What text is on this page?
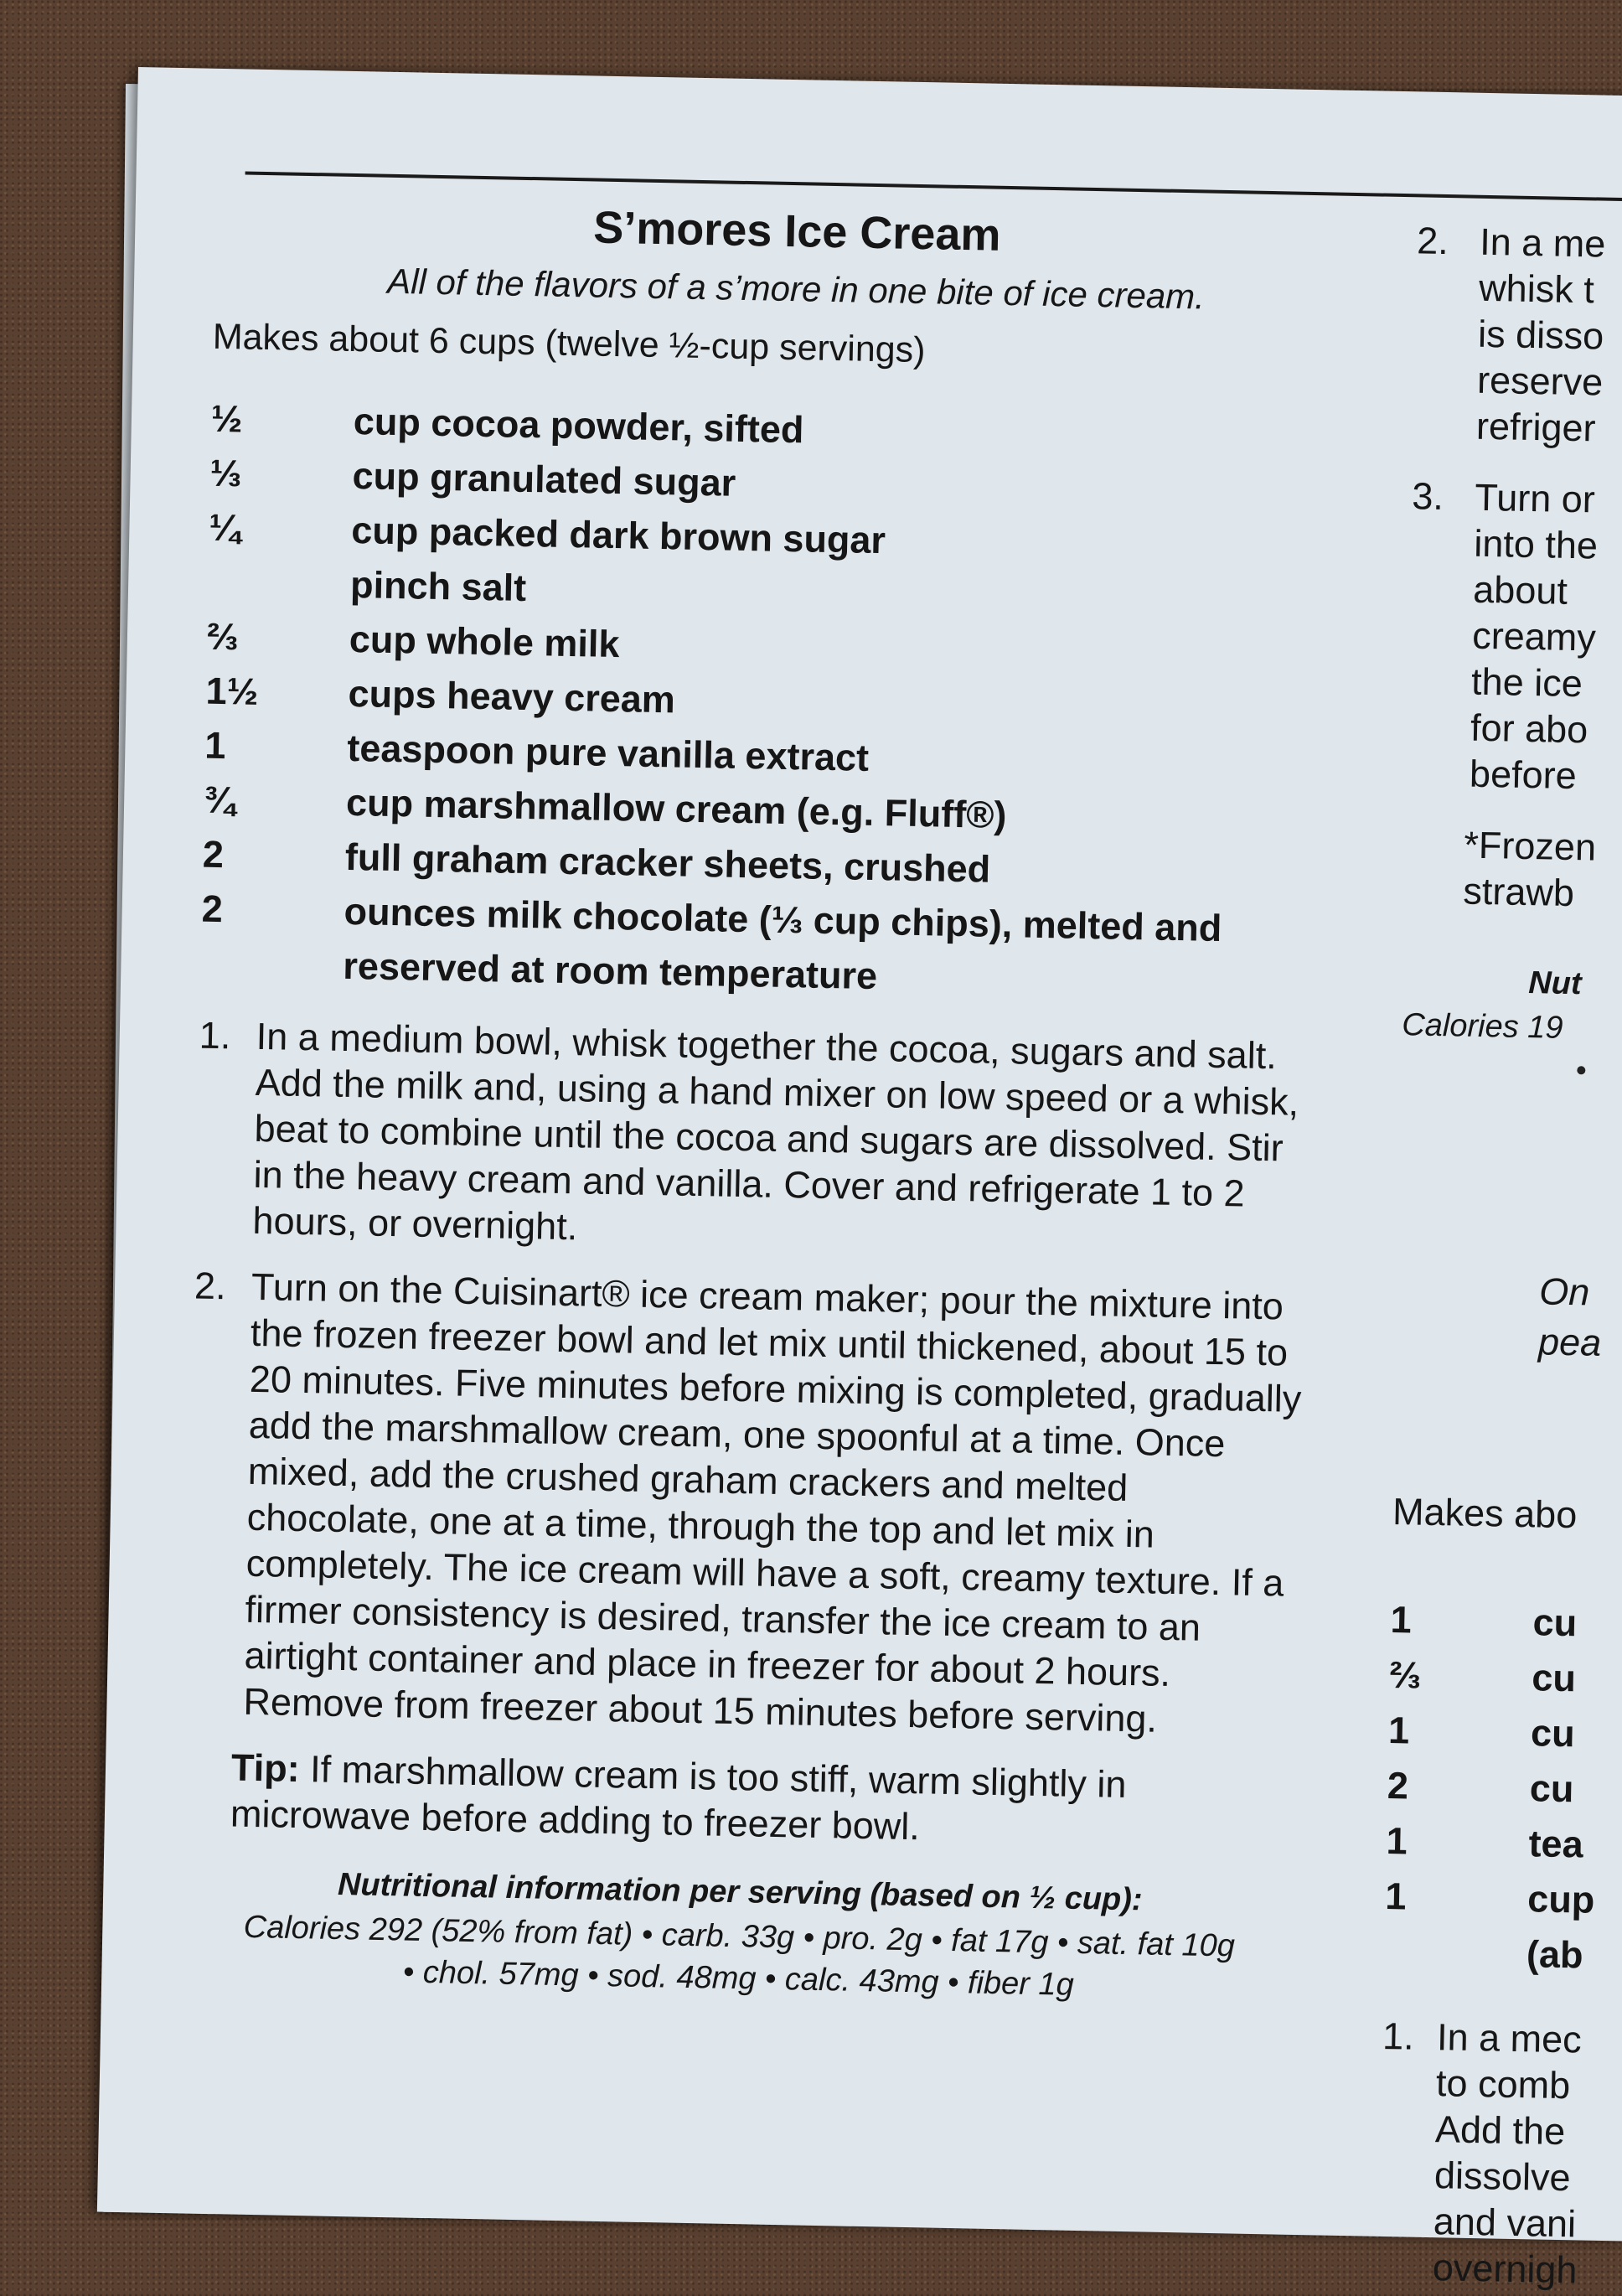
S’mores Ice Cream
All of the flavors of a s’more in one bite of ice cream.
Makes about 6 cups (twelve ½-cup servings)
½	cup cocoa powder, sifted
⅓	cup granulated sugar
¼	cup packed dark brown sugar
pinch salt
⅔	cup whole milk
1½	cups heavy cream
1	teaspoon pure vanilla extract
¾	cup marshmallow cream (e.g. Fluff®)
2	full graham cracker sheets, crushed
2	ounces milk chocolate (⅓ cup chips), melted and reserved at room temperature
1. In a medium bowl, whisk together the cocoa, sugars and salt. Add the milk and, using a hand mixer on low speed or a whisk, beat to combine until the cocoa and sugars are dissolved. Stir in the heavy cream and vanilla. Cover and refrigerate 1 to 2 hours, or overnight.
2. Turn on the Cuisinart® ice cream maker; pour the mixture into the frozen freezer bowl and let mix until thickened, about 15 to 20 minutes. Five minutes before mixing is completed, gradually add the marshmallow cream, one spoonful at a time. Once mixed, add the crushed graham crackers and melted chocolate, one at a time, through the top and let mix in completely. The ice cream will have a soft, creamy texture. If a firmer consistency is desired, transfer the ice cream to an airtight container and place in freezer for about 2 hours. Remove from freezer about 15 minutes before serving.
Tip: If marshmallow cream is too stiff, warm slightly in microwave before adding to freezer bowl.
Nutritional information per serving (based on ½ cup):
Calories 292 (52% from fat) • carb. 33g • pro. 2g • fat 17g • sat. fat 10g
• chol. 57mg • sod. 48mg • calc. 43mg • fiber 1g
2. In a me
whisk t
is disso
reserve
refriger
3. Turn or
into the
about
creamy
the ice
for abo
before
*Frozen
strawb
Nut
Calories 19
On
pea
Makes abo
1	cu
⅔	cu
1	cu
2	cu
1	tea
1	cup
(ab
1. In a mec
to comb
Add the
dissolve
and vani
overnigh
